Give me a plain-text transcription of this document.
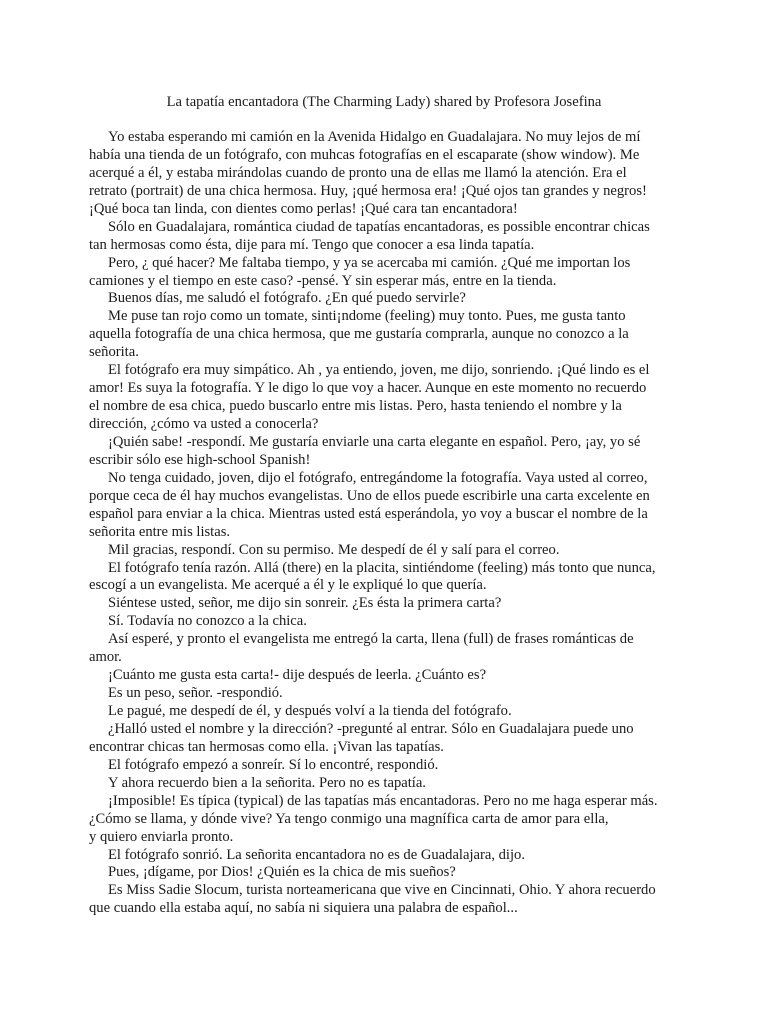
La tapatía encantadora (The Charming Lady) shared by Profesora Josefina
Yo estaba esperando mi camión en la Avenida Hidalgo en Guadalajara. No muy lejos de mí
había una tienda de un fotógrafo, con muhcas fotografías en el escaparate (show window). Me
acerqué a él, y estaba mirándolas cuando de pronto una de ellas me llamó la atención. Era el
retrato (portrait) de una chica hermosa. Huy, ¡qué hermosa era! ¡Qué ojos tan grandes y negros!
¡Qué boca tan linda, con dientes como perlas! ¡Qué cara tan encantadora!
Sólo en Guadalajara, romántica ciudad de tapatías encantadoras, es possible encontrar chicas
tan hermosas como ésta, dije para mí. Tengo que conocer a esa linda tapatía.
Pero, ¿ qué hacer? Me faltaba tiempo, y ya se acercaba mi camión. ¿Qué me importan los
camiones y el tiempo en este caso? -pensé. Y sin esperar más, entre en la tienda.
Buenos días, me saludó el fotógrafo. ¿En qué puedo servirle?
Me puse tan rojo como un tomate, sinti¡ndome (feeling) muy tonto. Pues, me gusta tanto
aquella fotografía de una chica hermosa, que me gustaría comprarla, aunque no conozco a la
señorita.
El fotógrafo era muy simpático. Ah , ya entiendo, joven, me dijo, sonriendo. ¡Qué lindo es el
amor! Es suya la fotografía. Y le digo lo que voy a hacer. Aunque en este momento no recuerdo
el nombre de esa chica, puedo buscarlo entre mis listas. Pero, hasta teniendo el nombre y la
dirección, ¿cómo va usted a conocerla?
¡Quién sabe! -respondí. Me gustaría enviarle una carta elegante en español. Pero, ¡ay, yo sé
escribir sólo ese high-school Spanish!
No tenga cuidado, joven, dijo el fotógrafo, entregándome la fotografía. Vaya usted al correo,
porque ceca de él hay muchos evangelistas. Uno de ellos puede escribirle una carta excelente en
español para enviar a la chica. Mientras usted está esperándola, yo voy a buscar el nombre de la
señorita entre mis listas.
Mil gracias, respondí. Con su permiso. Me despedí de él y salí para el correo.
El fotógrafo tenía razón. Allá (there) en la placita, sintiéndome (feeling) más tonto que nunca,
escogí a un evangelista. Me acerqué a él y le expliqué lo que quería.
Siéntese usted, señor, me dijo sin sonreir. ¿Es ésta la primera carta?
Sí. Todavía no conozco a la chica.
Así esperé, y pronto el evangelista me entregó la carta, llena (full) de frases románticas de
amor.
¡Cuánto me gusta esta carta!- dije después de leerla. ¿Cuánto es?
Es un peso, señor. -respondió.
Le pagué, me despedí de él, y después volví a la tienda del fotógrafo.
¿Halló usted el nombre y la dirección? -pregunté al entrar. Sólo en Guadalajara puede uno
encontrar chicas tan hermosas como ella. ¡Vivan las tapatías.
El fotógrafo empezó a sonreír. Sí lo encontré, respondió.
Y ahora recuerdo bien a la señorita. Pero no es tapatía.
¡Imposible! Es típica (typical) de las tapatías más encantadoras. Pero no me haga esperar más.
¿Cómo se llama, y dónde vive? Ya tengo conmigo una magnífica carta de amor para ella,
y quiero enviarla pronto.
El fotógrafo sonrió. La señorita encantadora no es de Guadalajara, dijo.
Pues, ¡dígame, por Dios! ¿Quién es la chica de mis sueños?
Es Miss Sadie Slocum, turista norteamericana que vive en Cincinnati, Ohio. Y ahora recuerdo
que cuando ella estaba aquí, no sabía ni siquiera una palabra de español...
